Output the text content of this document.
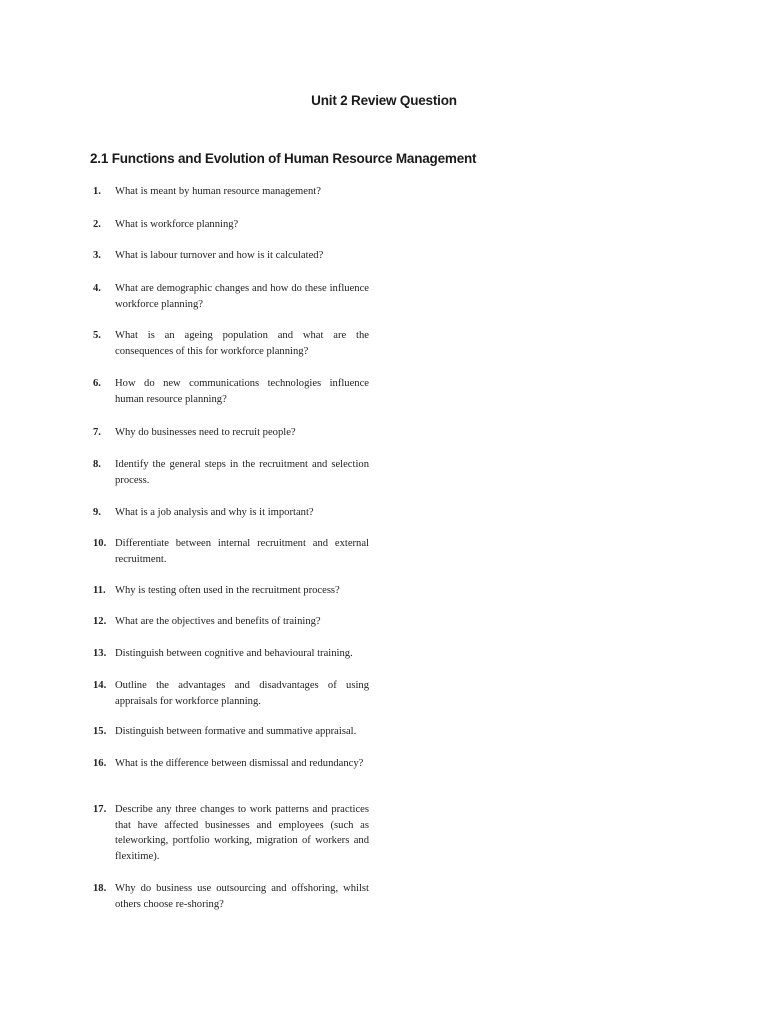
Unit 2 Review Question
2.1 Functions and Evolution of Human Resource Management
1.	What is meant by human resource management?
2.	What is workforce planning?
3.	What is labour turnover and how is it calculated?
4.	What are demographic changes and how do these influence workforce planning?
5.	What is an ageing population and what are the consequences of this for workforce planning?
6.	How do new communications technologies influence human resource planning?
7.	Why do businesses need to recruit people?
8.	Identify the general steps in the recruitment and selection process.
9.	What is a job analysis and why is it important?
10. Differentiate between internal recruitment and external recruitment.
11. Why is testing often used in the recruitment process?
12. What are the objectives and benefits of training?
13. Distinguish between cognitive and behavioural training.
14. Outline the advantages and disadvantages of using appraisals for workforce planning.
15. Distinguish between formative and summative appraisal.
16. What is the difference between dismissal and redundancy?
17. Describe any three changes to work patterns and practices that have affected businesses and employees (such as teleworking, portfolio working, migration of workers and flexitime).
18. Why do business use outsourcing and offshoring, whilst others choose re-shoring?
